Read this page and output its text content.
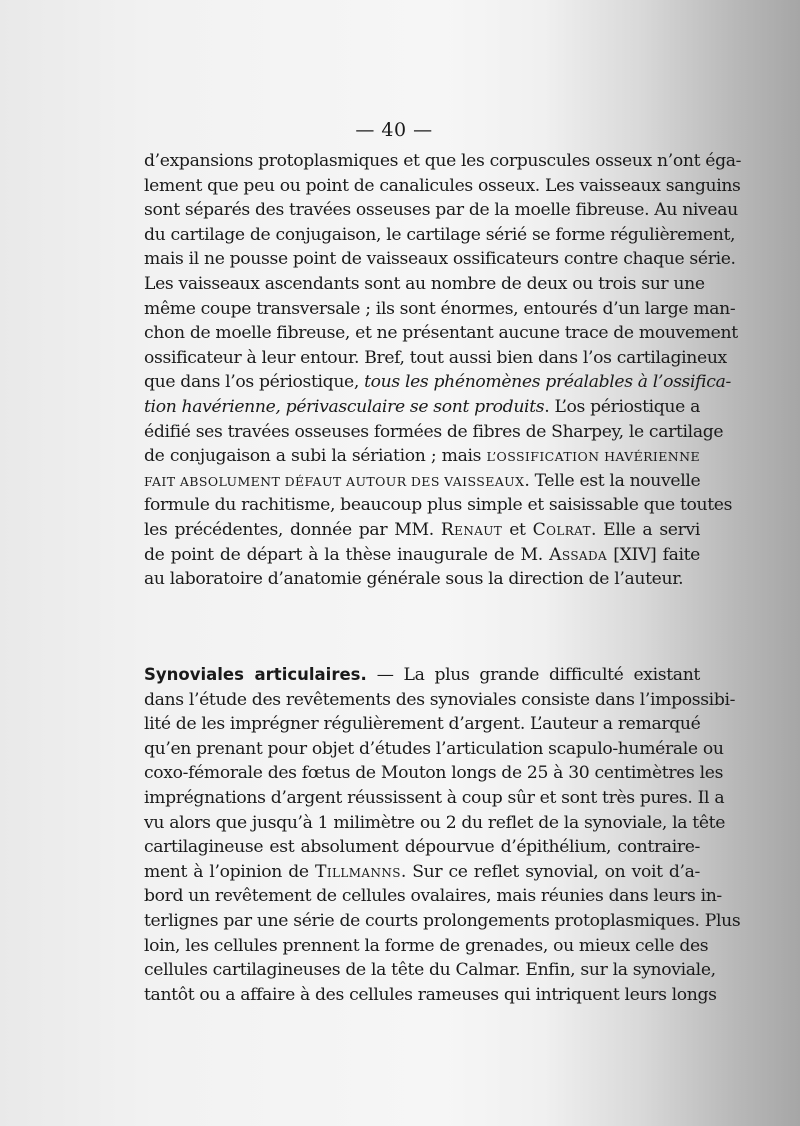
— 40 —
d’expansions protoplasmiques et que les corpuscules osseux n’ont éga-
lement que peu ou point de canalicules osseux. Les vaisseaux sanguins
sont séparés des travées osseuses par de la moelle fibreuse. Au niveau
du cartilage de conjugaison, le cartilage sérié se forme régulièrement,
mais il ne pousse point de vaisseaux ossificateurs contre chaque série.
Les vaisseaux ascendants sont au nombre de deux ou trois sur une
même coupe transversale ; ils sont énormes, entourés d’un large man-
chon de moelle fibreuse, et ne présentant aucune trace de mouvement
ossificateur à leur entour. Bref, tout aussi bien dans l’os cartilagineux
que dans l’os périostique, tous les phénomènes préalables à l’ossifica-
tion havérienne, périvasculaire se sont produits. L’os périostique a
édifié ses travées osseuses formées de fibres de Sharpey, le cartilage
de conjugaison a subi la sériation ; mais L’OSSIFICATION HAVÉRIENNE
FAIT ABSOLUMENT DÉFAUT AUTOUR DES VAISSEAUX. Telle est la nouvelle
formule du rachitisme, beaucoup plus simple et saisissable que toutes
les précédentes, donnée par MM. Renaut et Colrat. Elle a servi
de point de départ à la thèse inaugurale de M. Assada [XIV] faite
au laboratoire d’anatomie générale sous la direction de l’auteur.
Synoviales articulaires. — La plus grande difficulté existant
dans l’étude des revêtements des synoviales consiste dans l’impossibi-
lité de les imprégner régulièrement d’argent. L’auteur a remarqué
qu’en prenant pour objet d’études l’articulation scapulo-humérale ou
coxo-fémorale des fœtus de Mouton longs de 25 à 30 centimètres les
imprégnations d’argent réussissent à coup sûr et sont très pures. Il a
vu alors que jusqu’à 1 milimètre ou 2 du reflet de la synoviale, la tête
cartilagineuse est absolument dépourvue d’épithélium, contraire-
ment à l’opinion de Tillmanns. Sur ce reflet synovial, on voit d’a-
bord un revêtement de cellules ovalaires, mais réunies dans leurs in-
terlignes par une série de courts prolongements protoplasmiques. Plus
loin, les cellules prennent la forme de grenades, ou mieux celle des
cellules cartilagineuses de la tête du Calmar. Enfin, sur la synoviale,
tantôt ou a affaire à des cellules rameuses qui intriquent leurs longs
